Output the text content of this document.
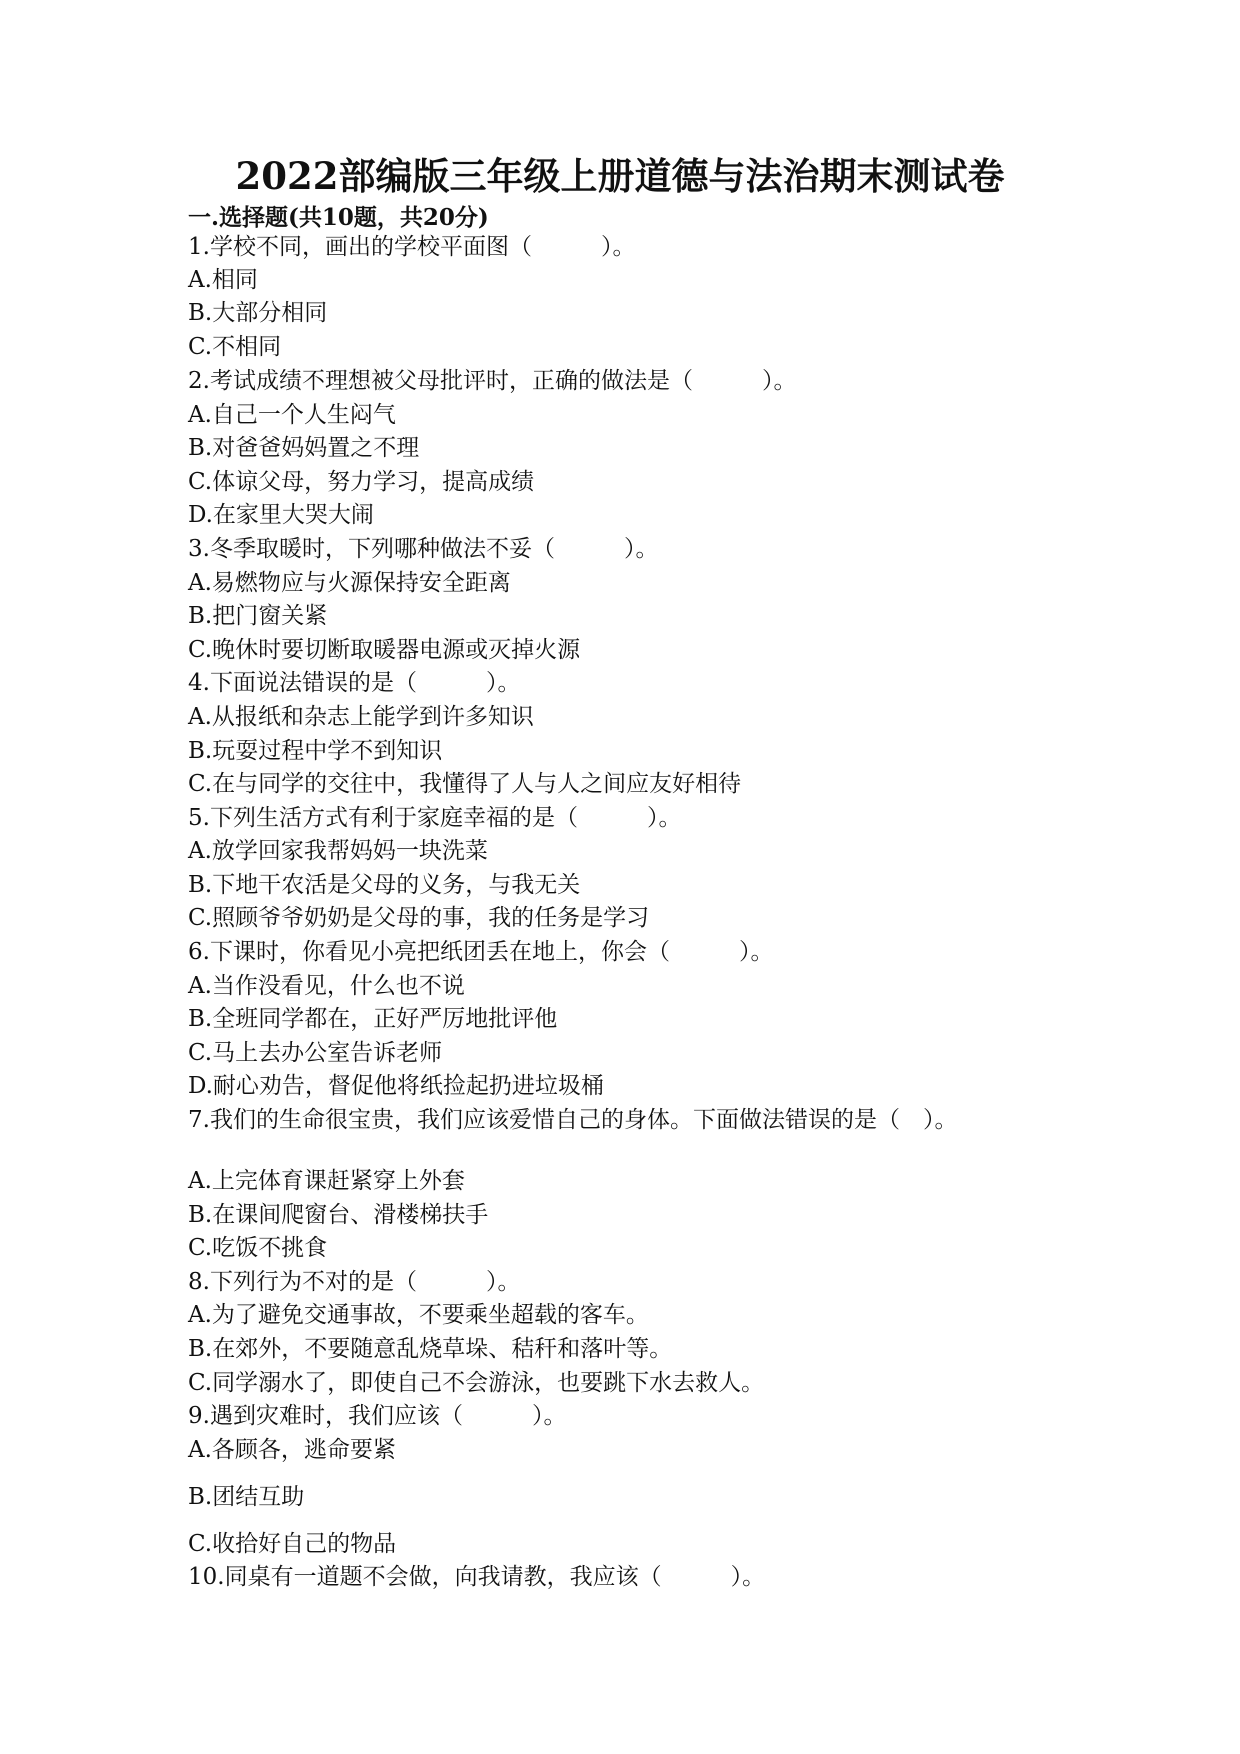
2022部编版三年级上册道德与法治期末测试卷
一.选择题(共10题，共20分)
1.学校不同，画出的学校平面图（　　　）。
A.相同
B.大部分相同
C.不相同
2.考试成绩不理想被父母批评时，正确的做法是（　　　）。
A.自己一个人生闷气
B.对爸爸妈妈置之不理
C.体谅父母，努力学习，提高成绩
D.在家里大哭大闹
3.冬季取暖时，下列哪种做法不妥（　　　）。
A.易燃物应与火源保持安全距离
B.把门窗关紧
C.晚休时要切断取暖器电源或灭掉火源
4.下面说法错误的是（　　　）。
A.从报纸和杂志上能学到许多知识
B.玩耍过程中学不到知识
C.在与同学的交往中，我懂得了人与人之间应友好相待
5.下列生活方式有利于家庭幸福的是（　　　）。
A.放学回家我帮妈妈一块洗菜
B.下地干农活是父母的义务，与我无关
C.照顾爷爷奶奶是父母的事，我的任务是学习
6.下课时，你看见小亮把纸团丢在地上，你会（　　　）。
A.当作没看见，什么也不说
B.全班同学都在，正好严厉地批评他
C.马上去办公室告诉老师
D.耐心劝告，督促他将纸捡起扔进垃圾桶
7.我们的生命很宝贵，我们应该爱惜自己的身体。下面做法错误的是（　）。
A.上完体育课赶紧穿上外套
B.在课间爬窗台、滑楼梯扶手
C.吃饭不挑食
8.下列行为不对的是（　　　）。
A.为了避免交通事故，不要乘坐超载的客车。
B.在郊外，不要随意乱烧草垛、秸秆和落叶等。
C.同学溺水了，即使自己不会游泳，也要跳下水去救人。
9.遇到灾难时，我们应该（　　　）。
A.各顾各，逃命要紧
B.团结互助
C.收拾好自己的物品
10.同桌有一道题不会做，向我请教，我应该（　　　）。
